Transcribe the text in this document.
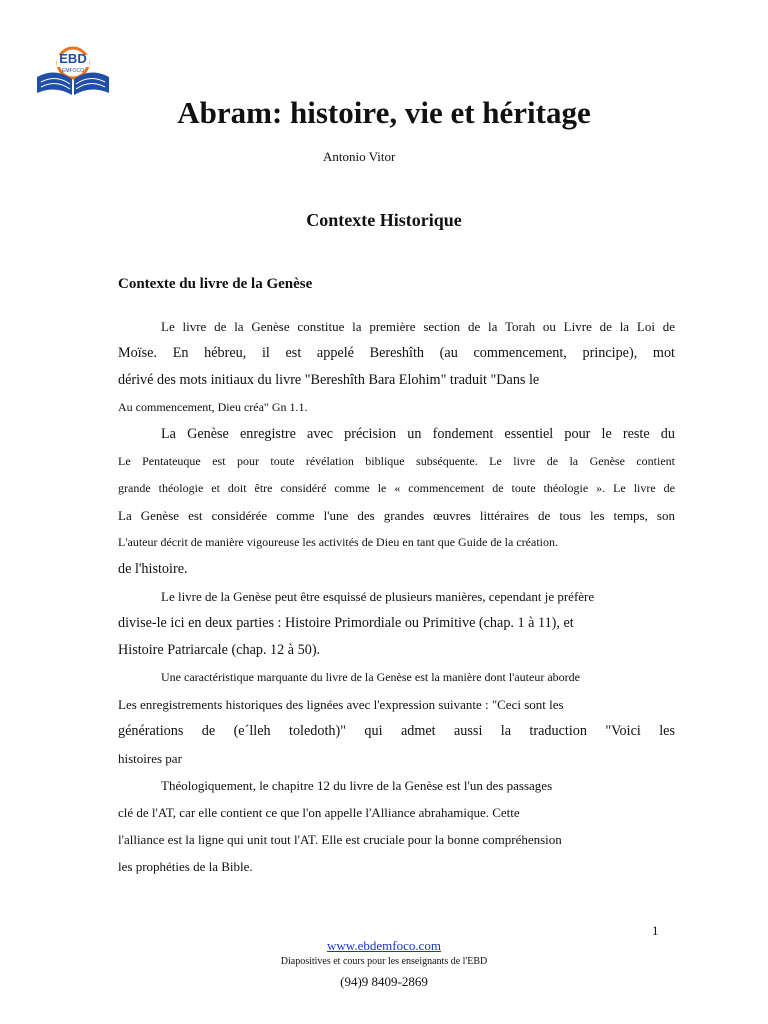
EBD
EMFOCO
Abram: histoire, vie et héritage
Antonio Vitor
Contexte Historique
Contexte du livre de la Genèse
Le livre de la Genèse constitue la première section de la Torah ou Livre de la Loi de
Moïse. En hébreu, il est appelé Bereshîth (au commencement, principe), mot
dérivé des mots initiaux du livre "Bereshîth Bara Elohim" traduit "Dans le
Au commencement, Dieu créa" Gn 1.1.
La Genèse enregistre avec précision un fondement essentiel pour le reste du
Le Pentateuque est pour toute révélation biblique subséquente. Le livre de la Genèse contient
grande théologie et doit être considéré comme le « commencement de toute théologie ». Le livre de
La Genèse est considérée comme l'une des grandes œuvres littéraires de tous les temps, son
L'auteur décrit de manière vigoureuse les activités de Dieu en tant que Guide de la création.
de l'histoire.
Le livre de la Genèse peut être esquissé de plusieurs manières, cependant je préfère
divise-le ici en deux parties : Histoire Primordiale ou Primitive (chap. 1 à 11), et
Histoire Patriarcale (chap. 12 à 50).
Une caractéristique marquante du livre de la Genèse est la manière dont l'auteur aborde
Les enregistrements historiques des lignées avec l'expression suivante : "Ceci sont les
générations de (e´lleh toledoth)" qui admet aussi la traduction "Voici les
histoires par
Théologiquement, le chapitre 12 du livre de la Genèse est l'un des passages
clé de l'AT, car elle contient ce que l'on appelle l'Alliance abrahamique. Cette
l'alliance est la ligne qui unit tout l'AT. Elle est cruciale pour la bonne compréhension
les prophéties de la Bible.
1
www.ebdemfoco.com
Diapositives et cours pour les enseignants de l'EBD
(94)9 8409-2869
